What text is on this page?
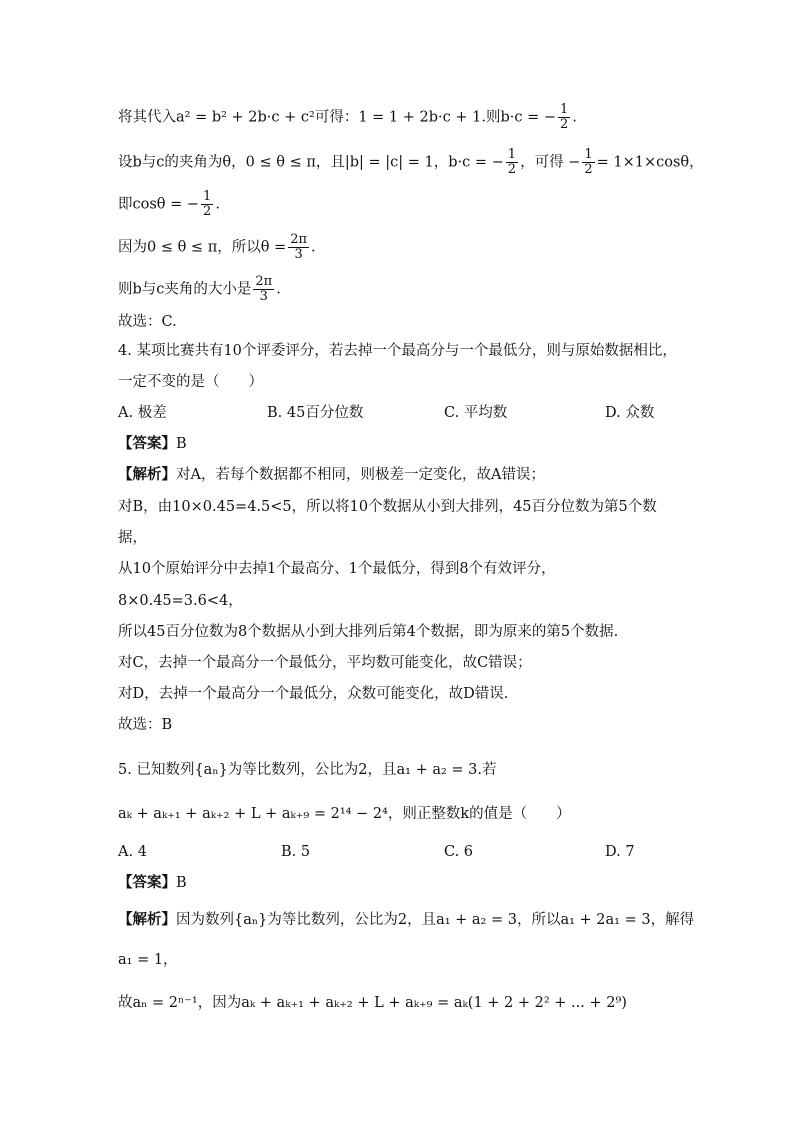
将其代入a² = b² + 2b·c + c²可得：1 = 1 + 2b·c + 1.则b·c = − $\frac{1}{2}$ .
设b与c的夹角为θ，0 ≤ θ ≤ π，且|b| = |c| = 1，b·c = − $\frac{1}{2}$ ，可得 − $\frac{1}{2} = 1\times 1\times\cos\theta$，
即cosθ = − $\frac{1}{2}$ .
因为0 ≤ θ ≤ π，所以$\theta = \frac{2\pi}{3}$ .
则b与c夹角的大小是 $\frac{2\pi}{3}$ .
故选：C.
4. 某项比赛共有10个评委评分，若去掉一个最高分与一个最低分，则与原始数据相比，
一定不变的是（　　）
A. 极差	B. 45百分位数	C. 平均数	D. 众数
【答案】B
【解析】对A，若每个数据都不相同，则极差一定变化，故A错误；
对B，由10×0.45=4.5<5，所以将10个数据从小到大排列，45百分位数为第5个数
据，
从10个原始评分中去掉1个最高分、1个最低分，得到8个有效评分，
8×0.45=3.6<4，
所以45百分位数为8个数据从小到大排列后第4个数据，即为原来的第5个数据.
对C，去掉一个最高分一个最低分，平均数可能变化，故C错误；
对D，去掉一个最高分一个最低分，众数可能变化，故D错误.
故选：B
5. 已知数列{aₙ}为等比数列，公比为2，且a₁ + a₂ = 3.若
aₖ + aₖ₊₁ + aₖ₊₂ + L + aₖ₊₉ = 2¹⁴ − 2⁴，则正整数k的值是（　　）
A. 4	B. 5	C. 6	D. 7
【答案】B
【解析】因为数列{aₙ}为等比数列，公比为2，且a₁ + a₂ = 3，所以a₁ + 2a₁ = 3，解得
a₁ = 1，
故aₙ = 2ⁿ⁻¹，因为aₖ + aₖ₊₁ + aₖ₊₂ + L + aₖ₊₉ = aₖ(1 + 2 + 2² + ... + 2⁹)
